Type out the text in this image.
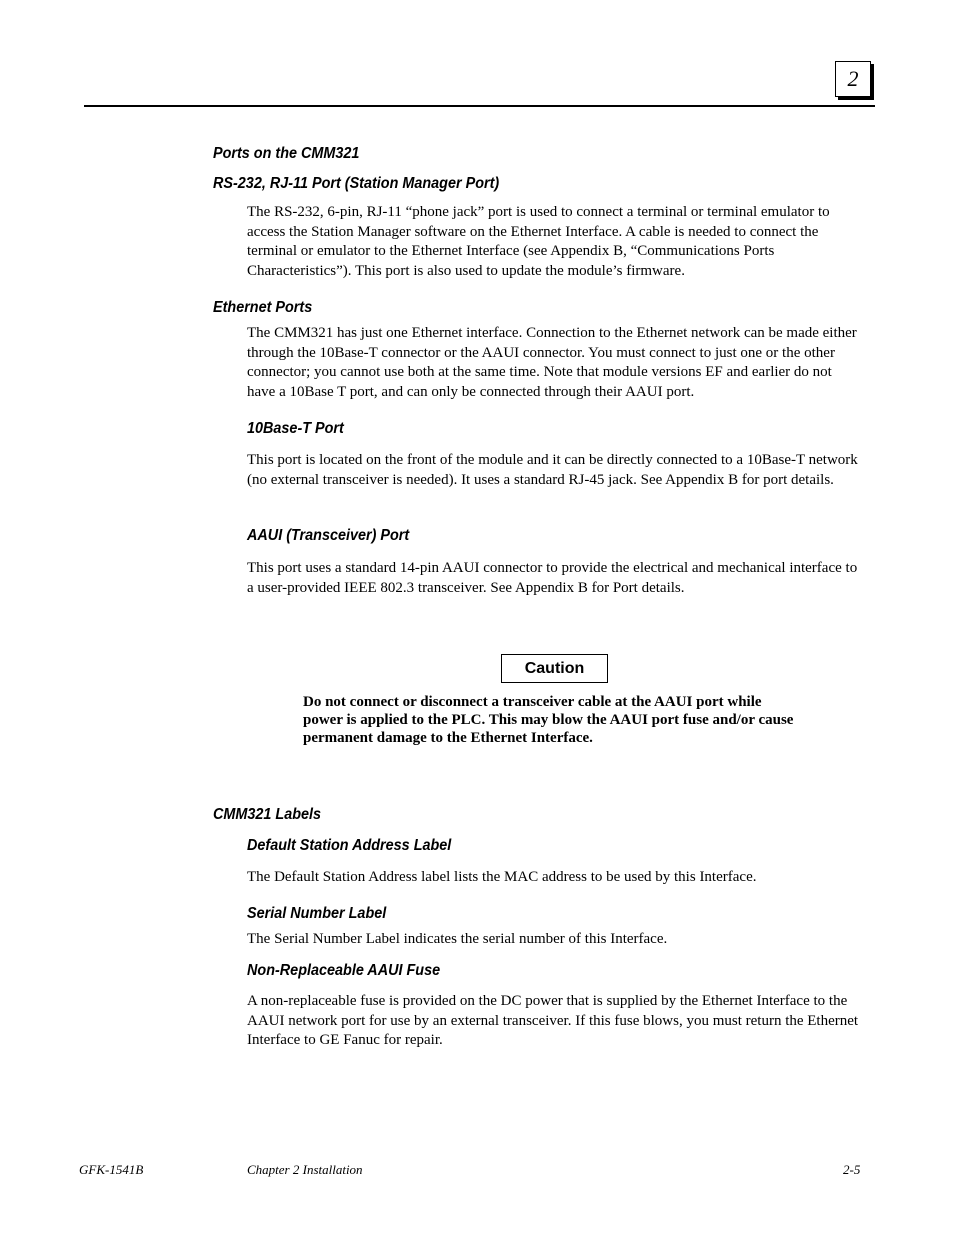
2
Ports on the CMM321
RS-232, RJ-11 Port (Station Manager Port)
The RS-232, 6-pin, RJ-11 “phone jack” port is used to connect a terminal or terminal emulator to access the Station Manager software on the Ethernet Interface. A cable is needed to connect the terminal or emulator to the Ethernet Interface (see Appendix B, “Communications Ports Characteristics”). This port is also used to update the module’s firmware.
Ethernet Ports
The CMM321 has just one Ethernet interface. Connection to the Ethernet network can be made either through the 10Base-T connector or the AAUI connector. You must connect to just one or the other connector; you cannot use both at the same time. Note that module versions EF and earlier do not have a 10Base T port, and can only be connected through their AAUI port.
10Base-T Port
This port is located on the front of the module and it can be directly connected to a 10Base-T network (no external transceiver is needed). It uses a standard RJ-45 jack. See Appendix B for port details.
AAUI (Transceiver) Port
This port uses a standard 14-pin AAUI connector to provide the electrical and mechanical interface to a user-provided IEEE 802.3 transceiver. See Appendix B for Port details.
Caution
Do not connect or disconnect a transceiver cable at the AAUI port while power is applied to the PLC. This may blow the AAUI port fuse and/or cause permanent damage to the Ethernet Interface.
CMM321 Labels
Default Station Address Label
The Default Station Address label lists the MAC address to be used by this Interface.
Serial Number Label
The Serial Number Label indicates the serial number of this Interface.
Non-Replaceable AAUI Fuse
A non-replaceable fuse is provided on the DC power that is supplied by the Ethernet Interface to the AAUI network port for use by an external transceiver. If this fuse blows, you must return the Ethernet Interface to GE Fanuc for repair.
GFK-1541B	Chapter 2 Installation	2-5
